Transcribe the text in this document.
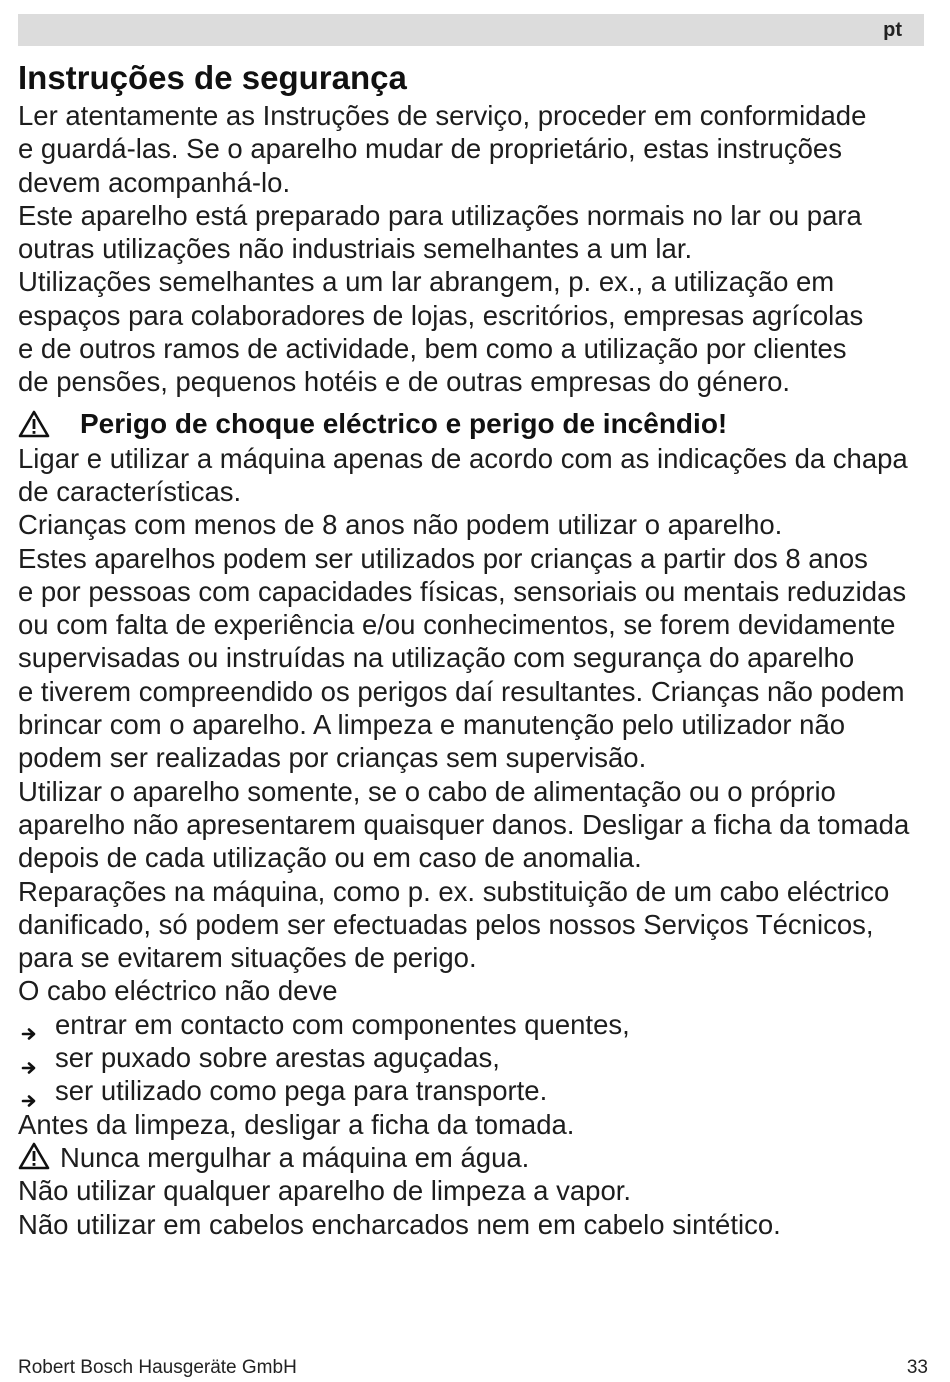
pt
Instruções de segurança
Ler atentamente as Instruções de serviço, proceder em conformidade
e guardá-las. Se o aparelho mudar de proprietário, estas instruções
devem acompanhá-lo.
Este aparelho está preparado para utilizações normais no lar ou para
outras utilizações não industriais semelhantes a um lar.
Utilizações semelhantes a um lar abrangem, p. ex., a utilização em
espaços para colaboradores de lojas, escritórios, empresas agrícolas
e de outros ramos de actividade, bem como a utilização por clientes
de pensões, pequenos hotéis e de outras empresas do género.
Perigo de choque eléctrico e perigo de incêndio!
Ligar e utilizar a máquina apenas de acordo com as indicações da chapa
de características.
Crianças com menos de 8 anos não podem utilizar o aparelho.
Estes aparelhos podem ser utilizados por crianças a partir dos 8 anos
e por pessoas com capacidades físicas, sensoriais ou mentais reduzidas
ou com falta de experiência e/ou conhecimentos, se forem devidamente
supervisadas ou instruídas na utilização com segurança do aparelho
e tiverem compreendido os perigos daí resultantes. Crianças não podem
brincar com o aparelho. A limpeza e manutenção pelo utilizador não
podem ser realizadas por crianças sem supervisão.
Utilizar o aparelho somente, se o cabo de alimentação ou o próprio
aparelho não apresentarem quaisquer danos. Desligar a ficha da tomada
depois de cada utilização ou em caso de anomalia.
Reparações na máquina, como p. ex. substituição de um cabo eléctrico
danificado, só podem ser efectuadas pelos nossos Serviços Técnicos,
para se evitarem situações de perigo.
O cabo eléctrico não deve
entrar em contacto com componentes quentes,
ser puxado sobre arestas aguçadas,
ser utilizado como pega para transporte.
Antes da limpeza, desligar a ficha da tomada.
Nunca mergulhar a máquina em água.
Não utilizar qualquer aparelho de limpeza a vapor.
Não utilizar em cabelos encharcados nem em cabelo sintético.
Robert Bosch Hausgeräte GmbH	33
